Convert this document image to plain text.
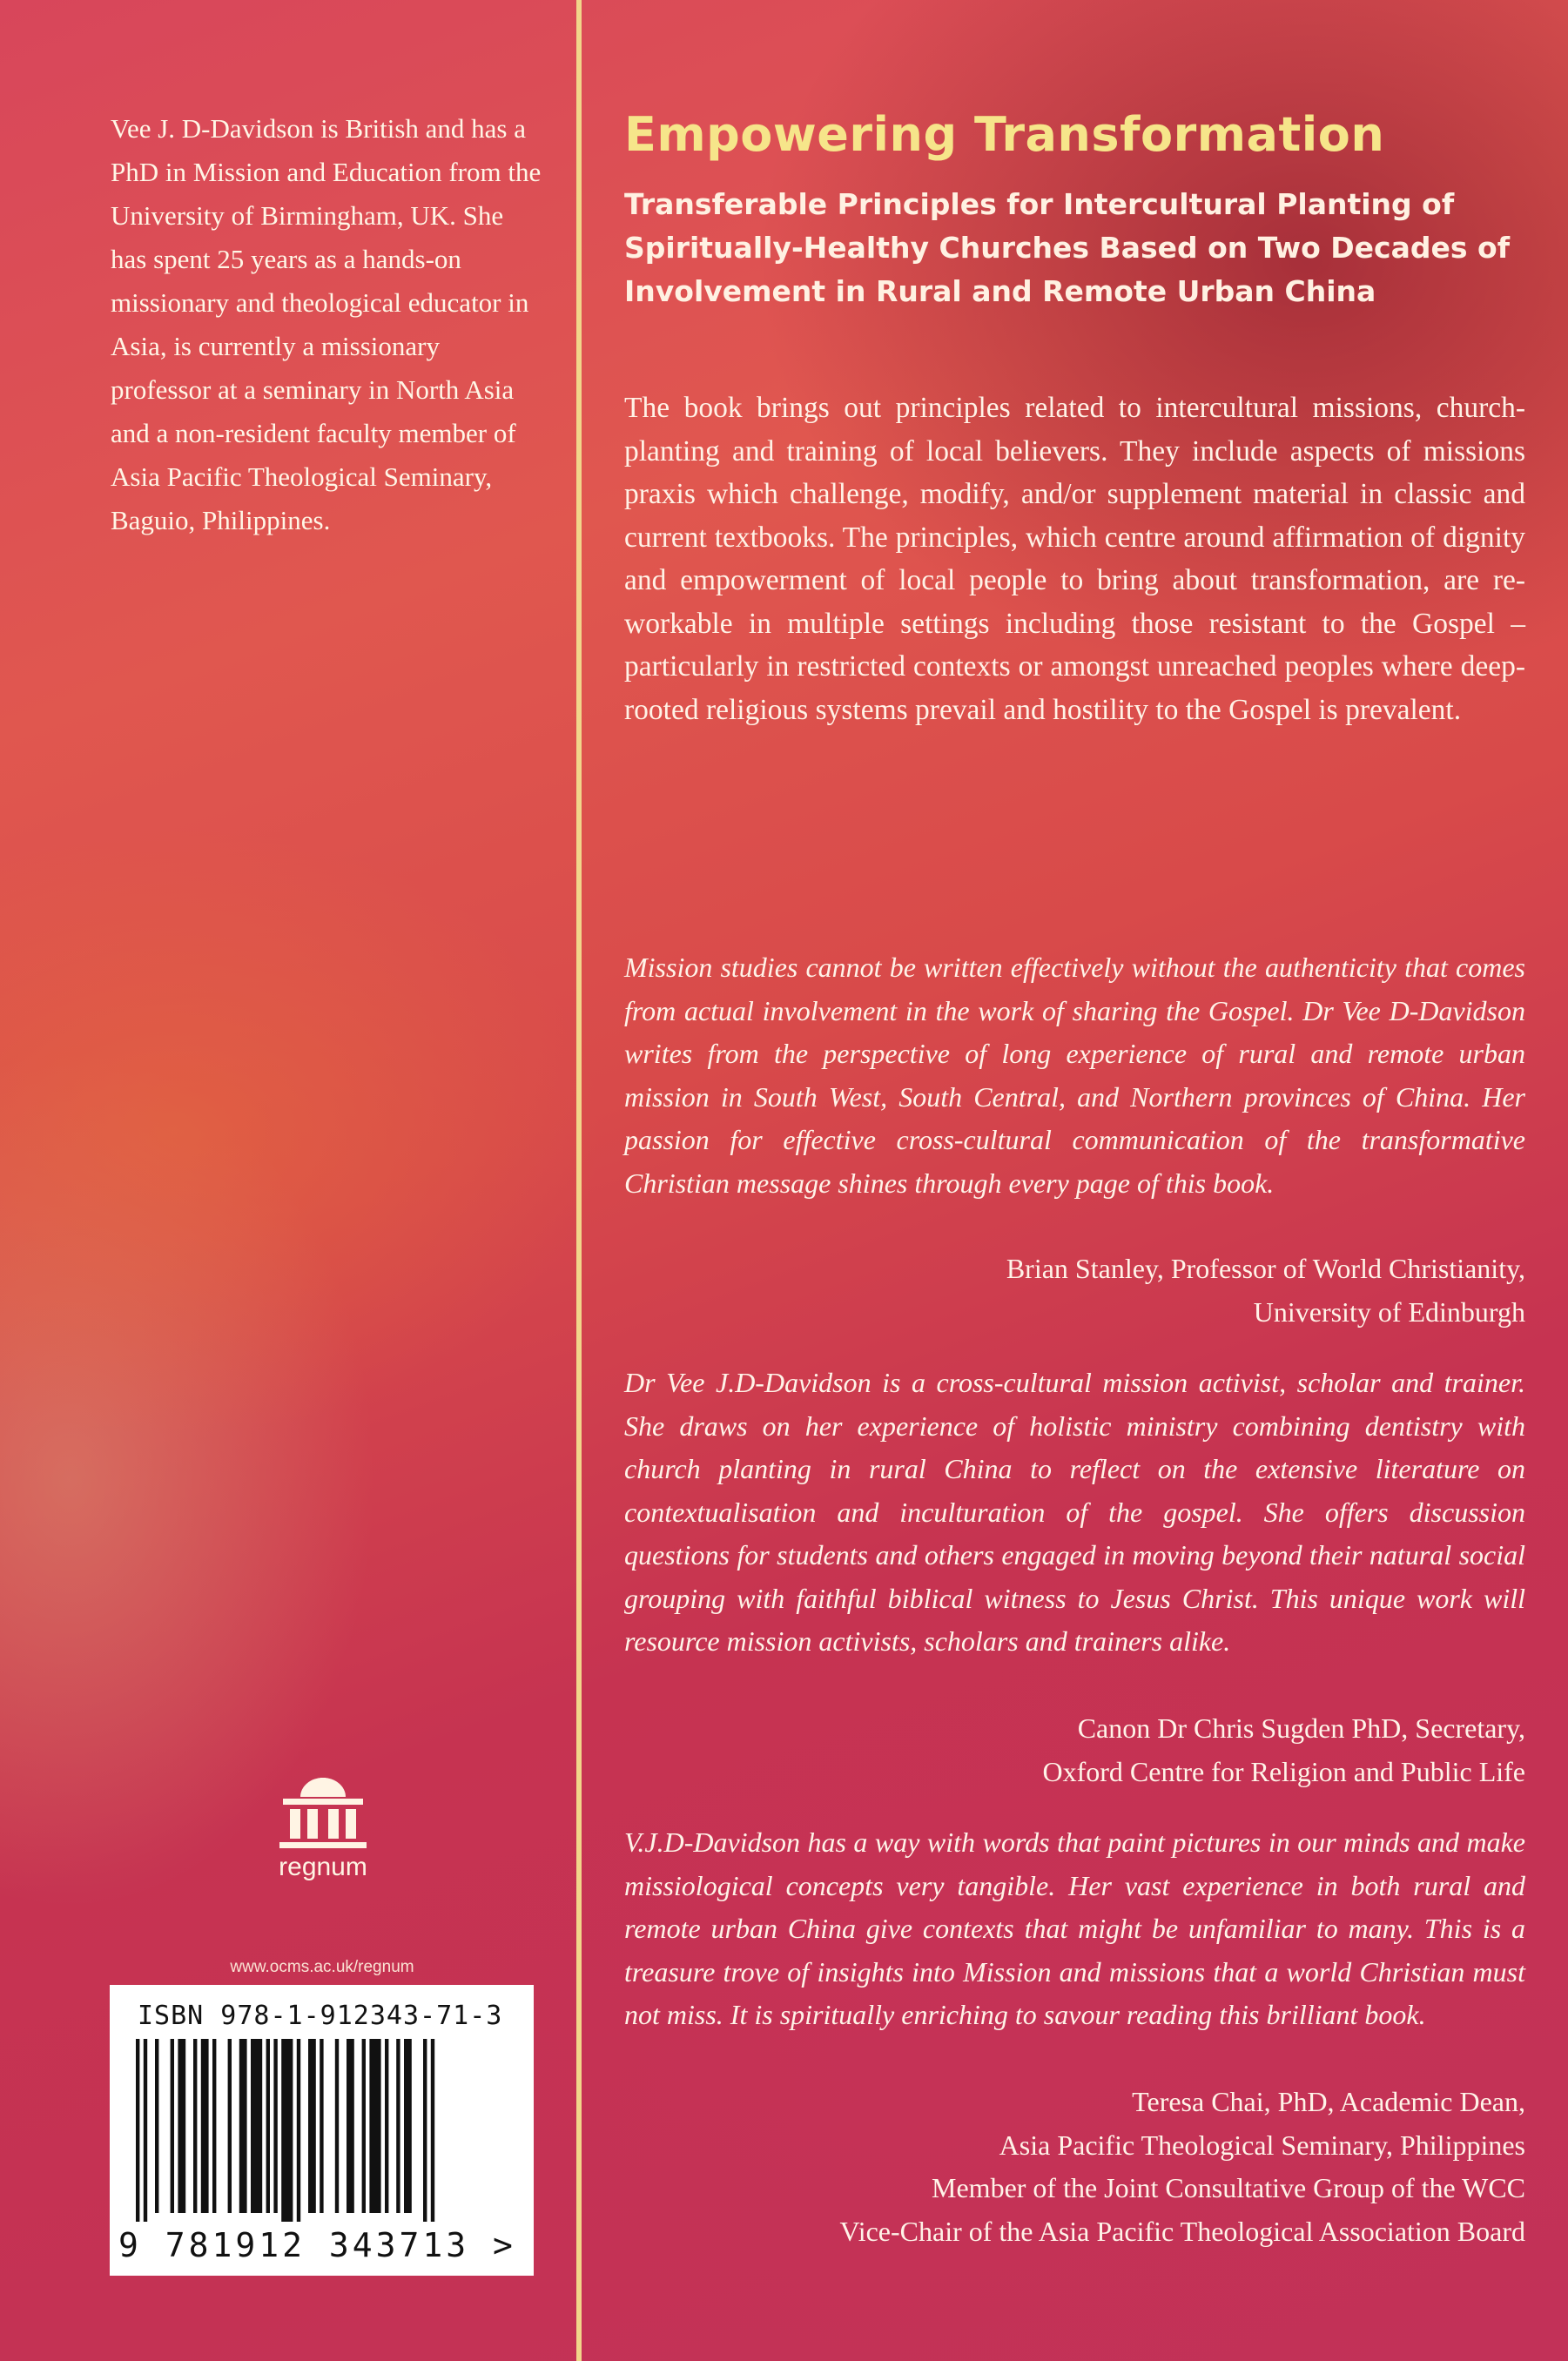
Vee J. D-Davidson is British and has a PhD in Mission and Education from the University of Birmingham, UK. She has spent 25 years as a hands-on missionary and theological educator in Asia, is currently a missionary professor at a seminary in North Asia and a non-resident faculty member of Asia Pacific Theological Seminary, Baguio, Philippines.

regnum
www.ocms.ac.uk/regnum
ISBN 978-1-912343-71-3
9 781912 343713 >
Empowering Transformation
Transferable Principles for Intercultural Planting of Spiritually-Healthy Churches Based on Two Decades of Involvement in Rural and Remote Urban China

The book brings out principles related to intercultural missions, church-planting and training of local believers. They include aspects of missions praxis which challenge, modify, and/or supplement material in classic and current textbooks. The principles, which centre around affirmation of dignity and empowerment of local people to bring about transformation, are re-workable in multiple settings including those resistant to the Gospel – particularly in restricted contexts or amongst unreached peoples where deep-rooted religious systems prevail and hostility to the Gospel is prevalent.

Mission studies cannot be written effectively without the authenticity that comes from actual involvement in the work of sharing the Gospel. Dr Vee D-Davidson writes from the perspective of long experience of rural and remote urban mission in South West, South Central, and Northern provinces of China. Her passion for effective cross-cultural communication of the transformative Christian message shines through every page of this book.

Brian Stanley, Professor of World Christianity,
University of Edinburgh

Dr Vee J.D-Davidson is a cross-cultural mission activist, scholar and trainer. She draws on her experience of holistic ministry combining dentistry with church planting in rural China to reflect on the extensive literature on contextualisation and inculturation of the gospel. She offers discussion questions for students and others engaged in moving beyond their natural social grouping with faithful biblical witness to Jesus Christ. This unique work will resource mission activists, scholars and trainers alike.

Canon Dr Chris Sugden PhD, Secretary,
Oxford Centre for Religion and Public Life

V.J.D-Davidson has a way with words that paint pictures in our minds and make missiological concepts very tangible. Her vast experience in both rural and remote urban China give contexts that might be unfamiliar to many. This is a treasure trove of insights into Mission and missions that a world Christian must not miss. It is spiritually enriching to savour reading this brilliant book.

Teresa Chai, PhD, Academic Dean,
Asia Pacific Theological Seminary, Philippines
Member of the Joint Consultative Group of the WCC
Vice-Chair of the Asia Pacific Theological Association Board
